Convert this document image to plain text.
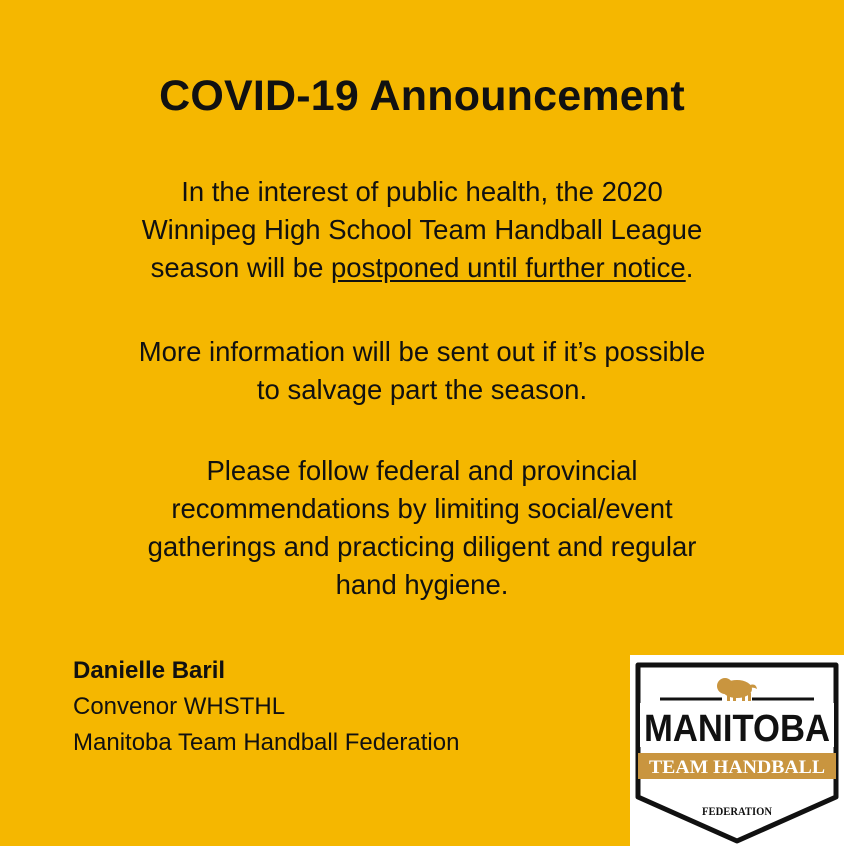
COVID-19 Announcement
In the interest of public health, the 2020
Winnipeg High School Team Handball League
season will be postponed until further notice.
More information will be sent out if it’s possible
to salvage part the season.
Please follow federal and provincial
recommendations by limiting social/event
gatherings and practicing diligent and regular
hand hygiene.
Danielle Baril
Convenor WHSTHL
Manitoba Team Handball Federation	MANITOBA
TEAM HANDBALL
FEDERATION
